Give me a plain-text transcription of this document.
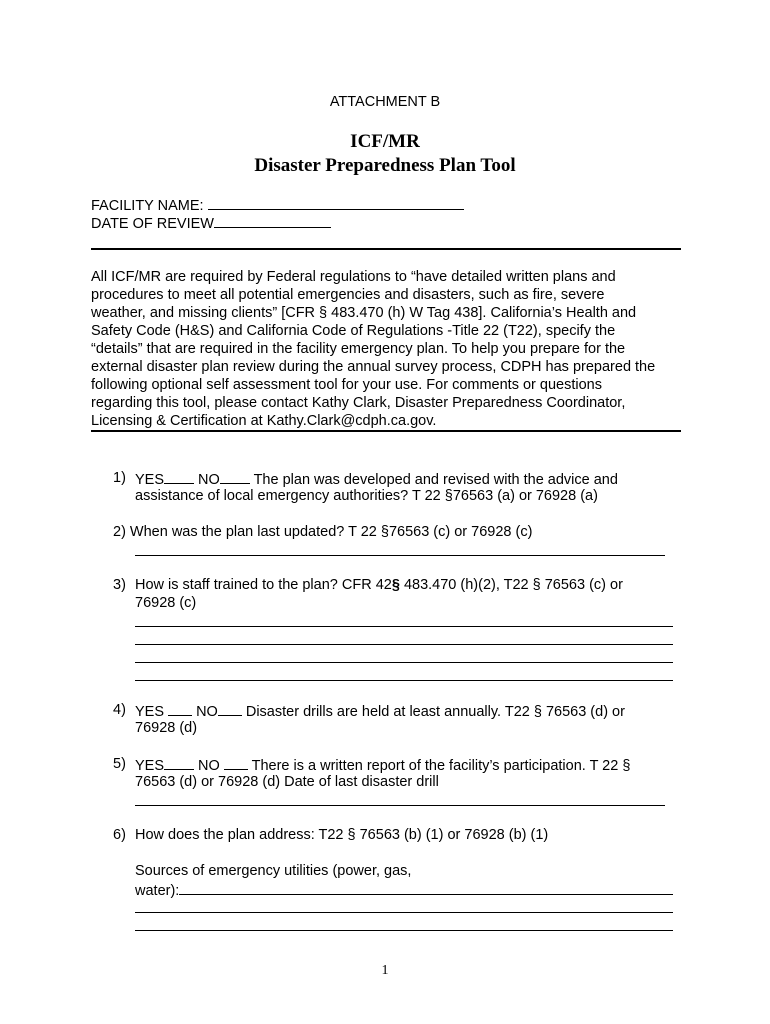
ATTACHMENT B
ICF/MR
Disaster Preparedness Plan Tool
FACILITY NAME:
DATE OF REVIEW
All ICF/MR are required by Federal regulations to “have detailed written plans and
procedures to meet all potential emergencies and disasters, such as fire, severe
weather, and missing clients” [CFR § 483.470 (h) W Tag 438]. California’s Health and
Safety Code (H&S) and California Code of Regulations -Title 22 (T22), specify the
“details” that are required in the facility emergency plan. To help you prepare for the
external disaster plan review during the annual survey process, CDPH has prepared the
following optional self assessment tool for your use. For comments or questions
regarding this tool, please contact Kathy Clark, Disaster Preparedness Coordinator,
Licensing & Certification at Kathy.Clark@cdph.ca.gov.
1) YES NO The plan was developed and revised with the advice and
assistance of local emergency authorities? T 22 §76563 (a) or 76928 (a)
2) When was the plan last updated? T 22 §76563 (c) or 76928 (c)
3) How is staff trained to the plan? CFR 42§ 483.470 (h)(2), T22 § 76563 (c) or
76928 (c)
4) YES NO Disaster drills are held at least annually. T22 § 76563 (d) or
76928 (d)
5) YES NO There is a written report of the facility’s participation. T 22 §
76563 (d) or 76928 (d) Date of last disaster drill
6) How does the plan address: T22 § 76563 (b) (1) or 76928 (b) (1)
Sources of emergency utilities (power, gas,
water):
1
